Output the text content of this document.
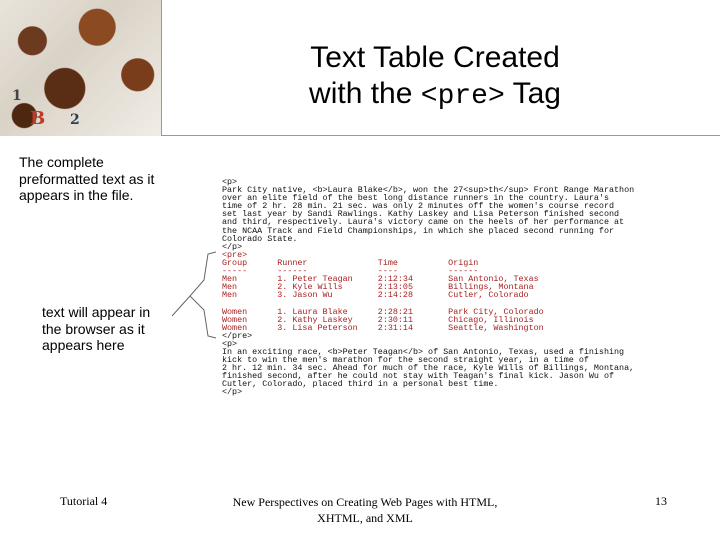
1
B 2
Text Table Created
with the <pre> Tag
The complete preformatted text as it appears in the file.
text will appear in the browser as it appears here
<p>
Park City native, <b>Laura Blake</b>, won the 27<sup>th</sup> Front Range Marathon
over an elite field of the best long distance runners in the country. Laura's
time of 2 hr. 28 min. 21 sec. was only 2 minutes off the women's course record
set last year by Sandi Rawlings. Kathy Laskey and Lisa Peterson finished second
and third, respectively. Laura's victory came on the heels of her performance at
the NCAA Track and Field Championships, in which she placed second running for
Colorado State.
</p>
<pre>
Group      Runner              Time          Origin
-----      ------              ----          ------
Men        1. Peter Teagan     2:12:34       San Antonio, Texas
Men        2. Kyle Wills       2:13:05       Billings, Montana
Men        3. Jason Wu         2:14:28       Cutler, Colorado
Women      1. Laura Blake      2:28:21       Park City, Colorado
Women      2. Kathy Laskey     2:30:11       Chicago, Illinois
Women      3. Lisa Peterson    2:31:14       Seattle, Washington
</pre>
<p>
In an exciting race, <b>Peter Teagan</b> of San Antonio, Texas, used a finishing
kick to win the men's marathon for the second straight year, in a time of
2 hr. 12 min. 34 sec. Ahead for much of the race, Kyle Wills of Billings, Montana,
finished second, after he could not stay with Teagan's final kick. Jason Wu of
Cutler, Colorado, placed third in a personal best time.
</p>
Tutorial 4	New Perspectives on Creating Web Pages with HTML, XHTML, and XML
13
